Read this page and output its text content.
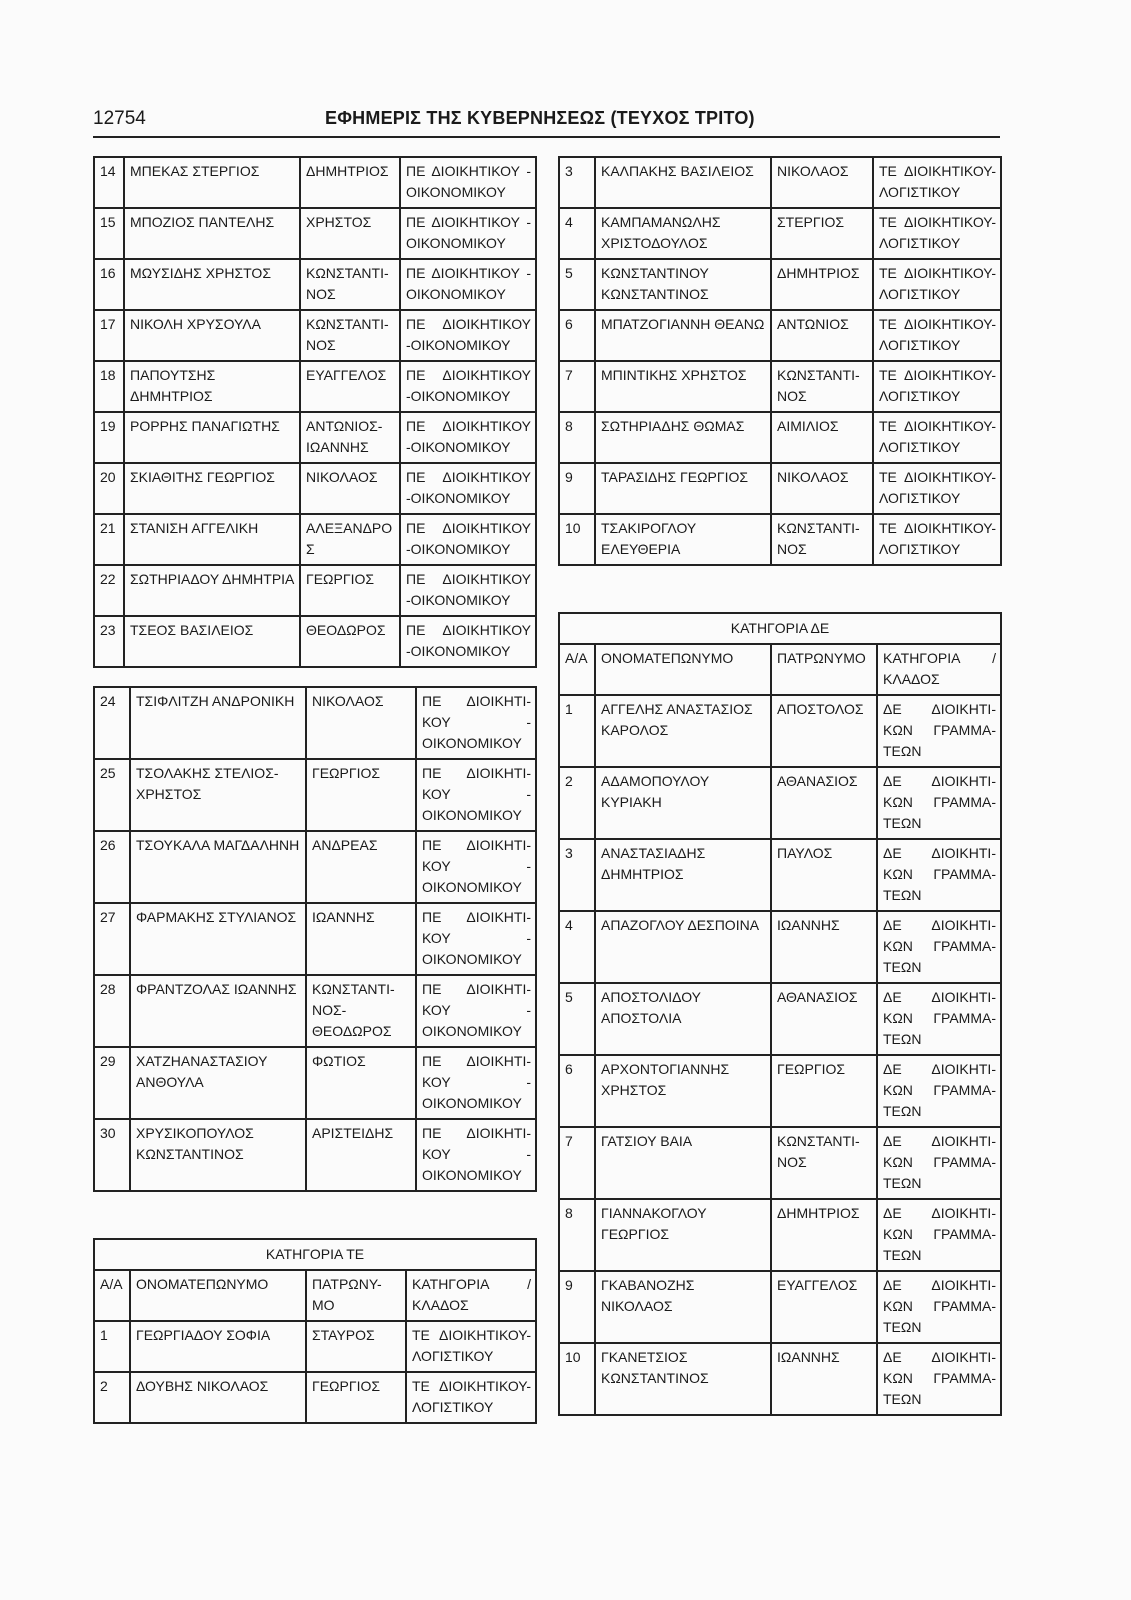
12754	ΕΦΗΜΕΡΙΣ ΤΗΣ ΚΥΒΕΡΝΗΣΕΩΣ (ΤΕΥΧΟΣ ΤΡΙΤΟ)
14	ΜΠΕΚΑΣ ΣΤΕΡΓΙΟΣ	ΔΗΜΗΤΡΙΟΣ	ΠΕ ΔΙΟΙΚΗΤΙΚΟΥ - ΟΙΚΟΝΟΜΙΚΟΥ
15	ΜΠΟΖΙΟΣ ΠΑΝΤΕΛΗΣ	ΧΡΗΣΤΟΣ	ΠΕ ΔΙΟΙΚΗΤΙΚΟΥ - ΟΙΚΟΝΟΜΙΚΟΥ
16	ΜΩΥΣΙΔΗΣ ΧΡΗΣΤΟΣ	ΚΩΝΣΤΑΝΤΙ-ΝΟΣ	ΠΕ ΔΙΟΙΚΗΤΙΚΟΥ - ΟΙΚΟΝΟΜΙΚΟΥ
17	ΝΙΚΟΛΗ ΧΡΥΣΟΥΛΑ	ΚΩΝΣΤΑΝΤΙ-ΝΟΣ	ΠΕ ΔΙΟΙΚΗΤΙΚΟΥ -ΟΙΚΟΝΟΜΙΚΟΥ
18	ΠΑΠΟΥΤΣΗΣ ΔΗΜΗΤΡΙΟΣ	ΕΥΑΓΓΕΛΟΣ	ΠΕ ΔΙΟΙΚΗΤΙΚΟΥ -ΟΙΚΟΝΟΜΙΚΟΥ
19	ΡΟΡΡΗΣ ΠΑΝΑΓΙΩΤΗΣ	ΑΝΤΩΝΙΟΣ-ΙΩΑΝΝΗΣ	ΠΕ ΔΙΟΙΚΗΤΙΚΟΥ -ΟΙΚΟΝΟΜΙΚΟΥ
20	ΣΚΙΑΘΙΤΗΣ ΓΕΩΡΓΙΟΣ	ΝΙΚΟΛΑΟΣ	ΠΕ ΔΙΟΙΚΗΤΙΚΟΥ -ΟΙΚΟΝΟΜΙΚΟΥ
21	ΣΤΑΝΙΣΗ ΑΓΓΕΛΙΚΗ	ΑΛΕΞΑΝΔΡΟΣ	ΠΕ ΔΙΟΙΚΗΤΙΚΟΥ -ΟΙΚΟΝΟΜΙΚΟΥ
22	ΣΩΤΗΡΙΑΔΟΥ ΔΗΜΗΤΡΙΑ	ΓΕΩΡΓΙΟΣ	ΠΕ ΔΙΟΙΚΗΤΙΚΟΥ -ΟΙΚΟΝΟΜΙΚΟΥ
23	ΤΣΕΟΣ ΒΑΣΙΛΕΙΟΣ	ΘΕΟΔΩΡΟΣ	ΠΕ ΔΙΟΙΚΗΤΙΚΟΥ -ΟΙΚΟΝΟΜΙΚΟΥ
24	ΤΣΙΦΛΙΤΖΗ ΑΝΔΡΟΝΙΚΗ	ΝΙΚΟΛΑΟΣ	ΠΕ ΔΙΟΙΚΗΤΙ-ΚΟΥ - ΟΙΚΟΝΟΜΙΚΟΥ
25	ΤΣΟΛΑΚΗΣ ΣΤΕΛΙΟΣ-ΧΡΗΣΤΟΣ	ΓΕΩΡΓΙΟΣ	ΠΕ ΔΙΟΙΚΗΤΙ-ΚΟΥ - ΟΙΚΟΝΟΜΙΚΟΥ
26	ΤΣΟΥΚΑΛΑ ΜΑΓΔΑΛΗΝΗ	ΑΝΔΡΕΑΣ	ΠΕ ΔΙΟΙΚΗΤΙ-ΚΟΥ - ΟΙΚΟΝΟΜΙΚΟΥ
27	ΦΑΡΜΑΚΗΣ ΣΤΥΛΙΑΝΟΣ	ΙΩΑΝΝΗΣ	ΠΕ ΔΙΟΙΚΗΤΙ-ΚΟΥ - ΟΙΚΟΝΟΜΙΚΟΥ
28	ΦΡΑΝΤΖΟΛΑΣ ΙΩΑΝΝΗΣ	ΚΩΝΣΤΑΝΤΙ-ΝΟΣ-ΘΕΟΔΩΡΟΣ	ΠΕ ΔΙΟΙΚΗΤΙ-ΚΟΥ - ΟΙΚΟΝΟΜΙΚΟΥ
29	ΧΑΤΖΗΑΝΑΣΤΑΣΙΟΥ ΑΝΘΟΥΛΑ	ΦΩΤΙΟΣ	ΠΕ ΔΙΟΙΚΗΤΙ-ΚΟΥ - ΟΙΚΟΝΟΜΙΚΟΥ
30	ΧΡΥΣΙΚΟΠΟΥΛΟΣ ΚΩΝΣΤΑΝΤΙΝΟΣ	ΑΡΙΣΤΕΙΔΗΣ	ΠΕ ΔΙΟΙΚΗΤΙ-ΚΟΥ - ΟΙΚΟΝΟΜΙΚΟΥ
ΚΑΤΗΓΟΡΙΑ ΤΕ			
Α/Α	ΟΝΟΜΑΤΕΠΩΝΥΜΟ	ΠΑΤΡΩΝΥ-ΜΟ	ΚΑΤΗΓΟΡΙΑ / ΚΛΑΔΟΣ
1	ΓΕΩΡΓΙΑΔΟΥ ΣΟΦΙΑ	ΣΤΑΥΡΟΣ	ΤΕ ΔΙΟΙΚΗΤΙΚΟΥ-ΛΟΓΙΣΤΙΚΟΥ
2	ΔΟΥΒΗΣ ΝΙΚΟΛΑΟΣ	ΓΕΩΡΓΙΟΣ	ΤΕ ΔΙΟΙΚΗΤΙΚΟΥ-ΛΟΓΙΣΤΙΚΟΥ
3	ΚΑΛΠΑΚΗΣ ΒΑΣΙΛΕΙΟΣ	ΝΙΚΟΛΑΟΣ	ΤΕ ΔΙΟΙΚΗΤΙΚΟΥ-ΛΟΓΙΣΤΙΚΟΥ
4	ΚΑΜΠΑΜΑΝΩΛΗΣ ΧΡΙΣΤΟΔΟΥΛΟΣ	ΣΤΕΡΓΙΟΣ	ΤΕ ΔΙΟΙΚΗΤΙΚΟΥ-ΛΟΓΙΣΤΙΚΟΥ
5	ΚΩΝΣΤΑΝΤΙΝΟΥ ΚΩΝΣΤΑΝΤΙΝΟΣ	ΔΗΜΗΤΡΙΟΣ	ΤΕ ΔΙΟΙΚΗΤΙΚΟΥ-ΛΟΓΙΣΤΙΚΟΥ
6	ΜΠΑΤΖΟΓΙΑΝΝΗ ΘΕΑΝΩ	ΑΝΤΩΝΙΟΣ	ΤΕ ΔΙΟΙΚΗΤΙΚΟΥ-ΛΟΓΙΣΤΙΚΟΥ
7	ΜΠΙΝΤΙΚΗΣ ΧΡΗΣΤΟΣ	ΚΩΝΣΤΑΝΤΙ-ΝΟΣ	ΤΕ ΔΙΟΙΚΗΤΙΚΟΥ-ΛΟΓΙΣΤΙΚΟΥ
8	ΣΩΤΗΡΙΑΔΗΣ ΘΩΜΑΣ	ΑΙΜΙΛΙΟΣ	ΤΕ ΔΙΟΙΚΗΤΙΚΟΥ-ΛΟΓΙΣΤΙΚΟΥ
9	ΤΑΡΑΣΙΔΗΣ ΓΕΩΡΓΙΟΣ	ΝΙΚΟΛΑΟΣ	ΤΕ ΔΙΟΙΚΗΤΙΚΟΥ-ΛΟΓΙΣΤΙΚΟΥ
10	ΤΣΑΚΙΡΟΓΛΟΥ ΕΛΕΥΘΕΡΙΑ	ΚΩΝΣΤΑΝΤΙ-ΝΟΣ	ΤΕ ΔΙΟΙΚΗΤΙΚΟΥ-ΛΟΓΙΣΤΙΚΟΥ
ΚΑΤΗΓΟΡΙΑ ΔΕ			
Α/Α	ΟΝΟΜΑΤΕΠΩΝΥΜΟ	ΠΑΤΡΩΝΥΜΟ	ΚΑΤΗΓΟΡΙΑ / ΚΛΑΔΟΣ
1	ΑΓΓΕΛΗΣ ΑΝΑΣΤΑΣΙΟΣ ΚΑΡΟΛΟΣ	ΑΠΟΣΤΟΛΟΣ	ΔΕ ΔΙΟΙΚΗΤΙ-ΚΩΝ ΓΡΑΜΜΑ-ΤΕΩΝ
2	ΑΔΑΜΟΠΟΥΛΟΥ ΚΥΡΙΑΚΗ	ΑΘΑΝΑΣΙΟΣ	ΔΕ ΔΙΟΙΚΗΤΙ-ΚΩΝ ΓΡΑΜΜΑ-ΤΕΩΝ
3	ΑΝΑΣΤΑΣΙΑΔΗΣ ΔΗΜΗΤΡΙΟΣ	ΠΑΥΛΟΣ	ΔΕ ΔΙΟΙΚΗΤΙ-ΚΩΝ ΓΡΑΜΜΑ-ΤΕΩΝ
4	ΑΠΑΖΟΓΛΟΥ ΔΕΣΠΟΙΝΑ	ΙΩΑΝΝΗΣ	ΔΕ ΔΙΟΙΚΗΤΙ-ΚΩΝ ΓΡΑΜΜΑ-ΤΕΩΝ
5	ΑΠΟΣΤΟΛΙΔΟΥ ΑΠΟΣΤΟΛΙΑ	ΑΘΑΝΑΣΙΟΣ	ΔΕ ΔΙΟΙΚΗΤΙ-ΚΩΝ ΓΡΑΜΜΑ-ΤΕΩΝ
6	ΑΡΧΟΝΤΟΓΙΑΝΝΗΣ ΧΡΗΣΤΟΣ	ΓΕΩΡΓΙΟΣ	ΔΕ ΔΙΟΙΚΗΤΙ-ΚΩΝ ΓΡΑΜΜΑ-ΤΕΩΝ
7	ΓΑΤΣΙΟΥ ΒΑΙΑ	ΚΩΝΣΤΑΝΤΙ-ΝΟΣ	ΔΕ ΔΙΟΙΚΗΤΙ-ΚΩΝ ΓΡΑΜΜΑ-ΤΕΩΝ
8	ΓΙΑΝΝΑΚΟΓΛΟΥ ΓΕΩΡΓΙΟΣ	ΔΗΜΗΤΡΙΟΣ	ΔΕ ΔΙΟΙΚΗΤΙ-ΚΩΝ ΓΡΑΜΜΑ-ΤΕΩΝ
9	ΓΚΑΒΑΝΟΖΗΣ ΝΙΚΟΛΑΟΣ	ΕΥΑΓΓΕΛΟΣ	ΔΕ ΔΙΟΙΚΗΤΙ-ΚΩΝ ΓΡΑΜΜΑ-ΤΕΩΝ
10	ΓΚΑΝΕΤΣΙΟΣ ΚΩΝΣΤΑΝΤΙΝΟΣ	ΙΩΑΝΝΗΣ	ΔΕ ΔΙΟΙΚΗΤΙ-ΚΩΝ ΓΡΑΜΜΑ-ΤΕΩΝ
